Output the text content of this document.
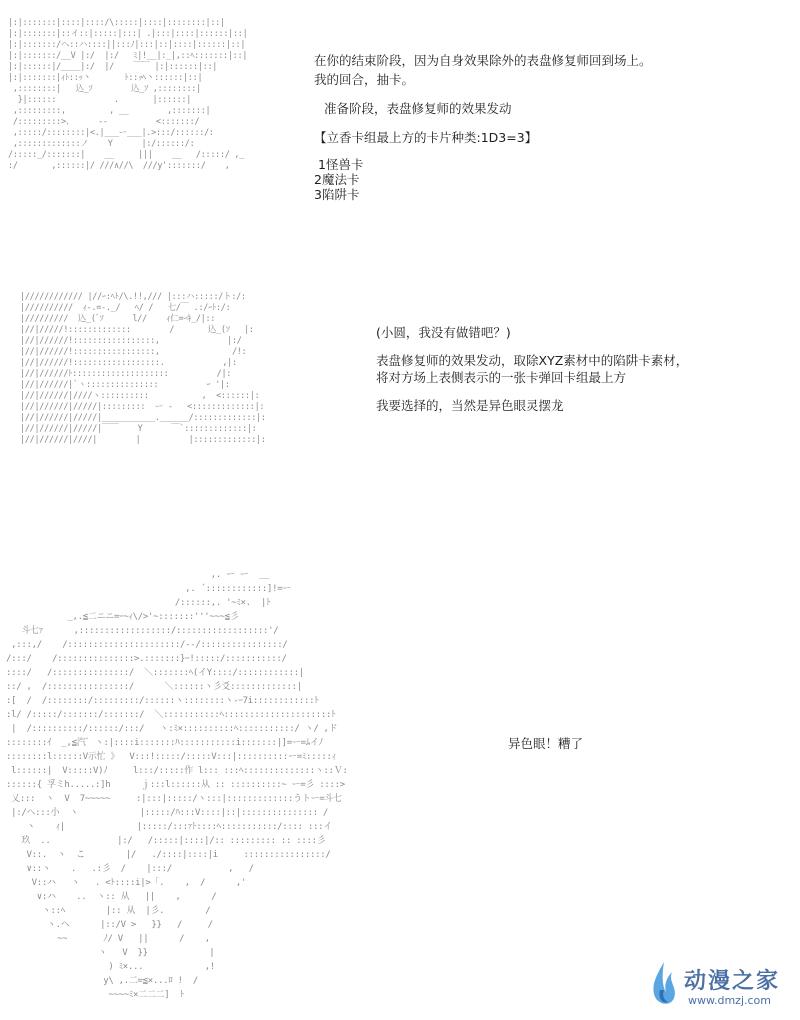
|:|:::::::|::::|::::/\:::::|::::|::::::::|::|
|:|:::::::|::イ::|:::::|:::| .|:::|::::|::::::|::|
|:|:::::::/ヘ::ハ::::||:::ﾉ|:::|::|::::|::::::|::|
|:|:::::::/__V |:/  |:/   ﾐ|!__|:_|,::ﾍ:::::::|::|
|:|::::::|/____|:/  |/    ￣￣ |:|::::::|::|
|:|:::::::|ｨﾄ::ｯ丶       ﾄ::ｯﾍ丶::::::|::|
,::::::::|   込_ｿ        込_ｿ ,::::::::|
}|::::::            .       |::::::|
,:::::::::,         , __        ,:::::::|
/:::::::::>、     --          <:::::::/
,:::::/::::::::|<.|___ー___|.>:::/::::::/:
,:::::::::::::ノ    Y      |:/::::::/:
/:::::_/:::::::|    __     |||    __   /:::::/ ,_
:/       ,::::::|/ ///∧//\  ///y':::::::/    ,
在你的结束阶段，因为自身效果除外的表盘修复师回到场上。
我的回合，抽卡。
准备阶段，表盘修复师的效果发动
【立香卡组最上方的卡片种类:1D3=3】
1怪兽卡
2魔法卡
3陷阱卡
|//////////// |//ｰ:ﾍﾄ/\.!!,/// |:::ハ:::::/ト:/:
|//////////  ｨ-.=-._/   ﾍ/ /   七/￣ .:/ｰﾄ:/:
|/////////  込_(ﾞｿ      l//    ｨ仁=ｰｷ_/|::
|//|/////!:::::::::::::        /       込_(ｿ   |:
|//|//////!:::::::::::::::::,              |:/
|//|//////!:::::::::::::::::,               /!:
|//|//////!::::::::::::::::::.            ,|:
|//|//////ﾄ::::::::::::::::::::          /|:
|//|//////|`ヽ:::::::::::::::          ｰ '|:
|//|//////|////ヽ::::::::::           ,  <::::::|:
|//|//////|/////|:::::::::  ー ‐   <:::::::::::::|:
|//|//////|/////|___________.______/:::::::::::::|:
|//|//////|/////|￣￣    Y      ￣`:::::::::::::|:
|//|//////|////|        |          |:::::::::::::|:
(小圆，我没有做错吧？)
表盘修复师的效果发动，取除XYZ素材中的陷阱卡素材，
将对方场上表侧表示的一张卡弹回卡组最上方
我要选择的，当然是异色眼灵摆龙
,. ー ー  __
,. ´::::::::::::]!=ー
/::::::,. '~ﾐ×.  |ﾄ
_,.≦二ニニ=ｰ~ｨ\/>'~:::::::'''~~~≦彡
斗七ｧ      ,::::::::::::::::::/::::::::::::::::::'/
,:::,/    /::::::::::::::::::::::/--/::::::::::::::::/
/:::/    /:::::::::::::::>.:::::::}ｰ!:::::/:::::::::::/
::::/   /:::::::::::::::/  ＼:::::::ﾍ(イY::::/::::::::::::|
::/ ,  /::::::::::::::::/      ＼::::::ヽ彡爻:::::::::::::|
:[  /  /::::::::/:::::::::/::::::ヽ::::::::ヽ-ｰ7i::::::::::::ﾄ
:l/ /:::::/:::::::/:::::::/  ＼:::::::::::ﾍ:::::::::::::::::::::ﾄ
|  /::::::::::/::::::/:::/   ヽ:ﾐ×::::::::::ﾍ:::::::::::/ ヽ/ ,ド
::::::::ｲ  _,≦汽ﾞ ヽ:|::::i:::::::ﾊ:::::::::::i:::::::|]=ー=ﾑイﾉ
::::::::l::::::V示忙 》  V:::!:::::/:::::V:::|::::::::::ー=ﾐ:::::ｨ
l::::::|  V:::::V)ﾉ     l:::/:::::作 l::: :::ﾍ::::::::::::::ヽ::Ｖ:
::::::{ 孚ミh.....:]h      ｊ:::l::::::从 :: ::::::::::~ ー=彡 ::::>
乂:::  ヽ  V  7~~~~~     :|:::|:::::/ヽ:::|:::::::::::::うトー=斗七
|:/ヘ:::小  ヽ            |:::::/ﾊ:::V::::|::|::::::::::::::: /
ヽ    ｨ|              |:::::/:::ｧﾄ::::ﾍ:::::::::::/:::: :::イ
玖  ..             |:/   /:::::|::::|/:: ::::::::: :: ::::彡
V::.  ヽ  こ        |/   ./::::|::::|i     ::::::::::::::::/
∨::ヽ    .   .:彡  /    |:::/           ,   /
V::ハ   ヽ   . <ﾄ::::i|>「.    ,  /      ,'
∨:ハ    ..  ヽ:: 从   ||    ,      /
ヽ::ﾍ        |:: 从  |彡.        /
ヽ.ヘ      |::/V >   }}   /     /
~~       ﾉ/ V   ||      /    ,
ヽ   V  }}            |
) ﾐ×...            ,!
y\ ,.二=≦×...ﾛ !  /
~~~~ﾐ×二二二]  ﾄ
异色眼！糟了
动漫之家
www.dmzj.com
